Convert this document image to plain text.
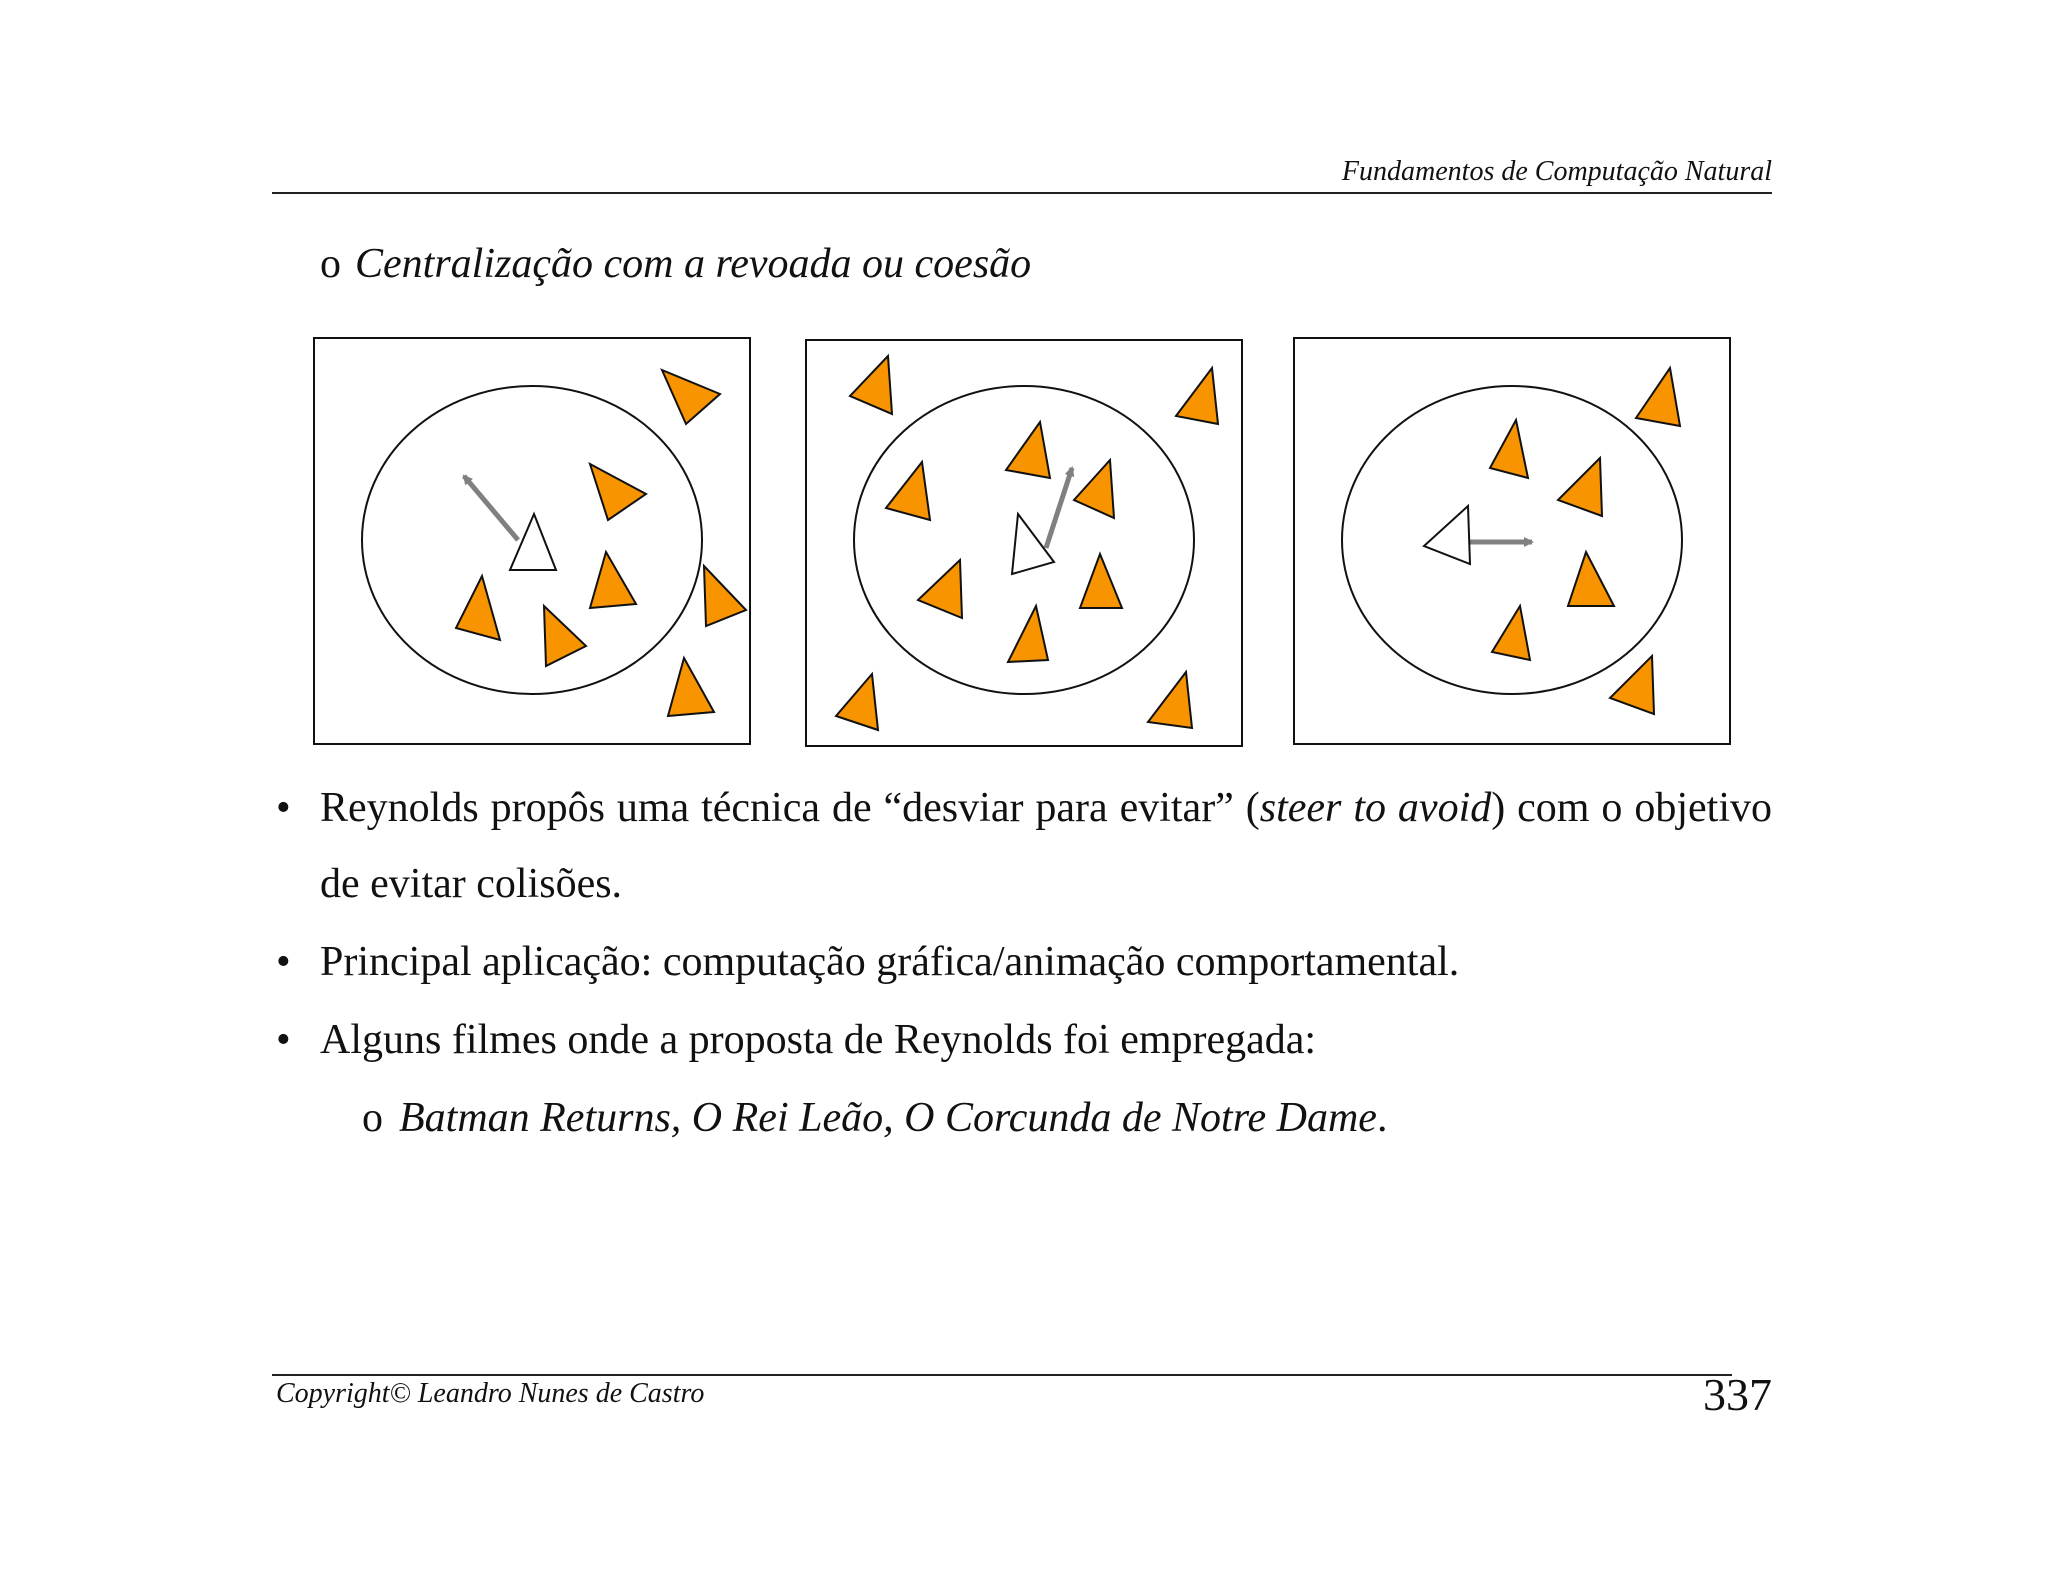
Fundamentos de Computação Natural
o Centralização com a revoada ou coesão
• Reynolds propôs uma técnica de “desviar para evitar” (steer to avoid) com o objetivo de evitar colisões.
• Principal aplicação: computação gráfica/animação comportamental.
• Alguns filmes onde a proposta de Reynolds foi empregada:
o Batman Returns, O Rei Leão, O Corcunda de Notre Dame.
Copyright© Leandro Nunes de Castro	337
